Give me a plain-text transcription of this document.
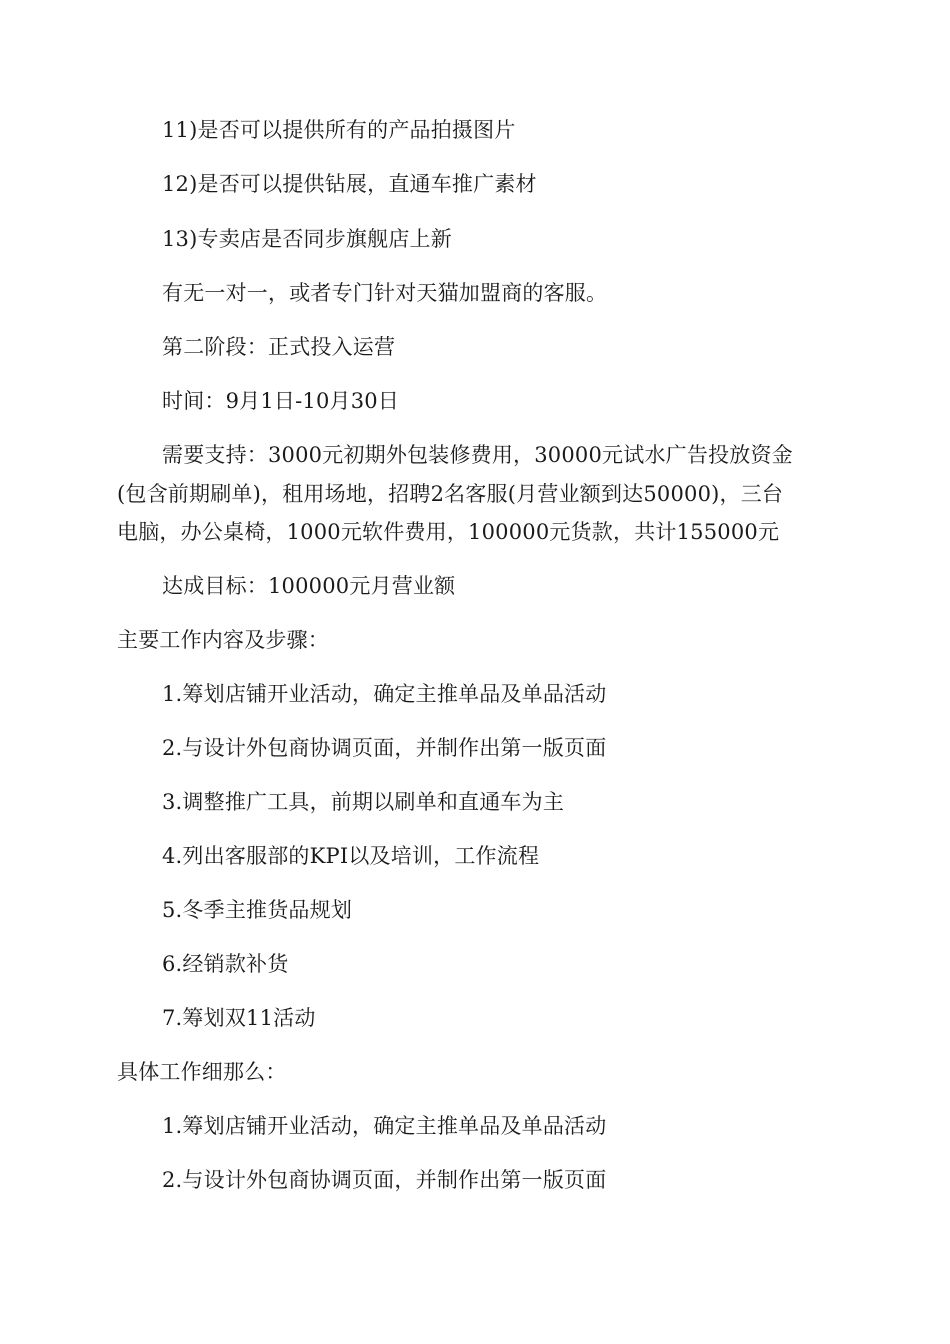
11)是否可以提供所有的产品拍摄图片
12)是否可以提供钻展，直通车推广素材
13)专卖店是否同步旗舰店上新
有无一对一，或者专门针对天猫加盟商的客服。
第二阶段：正式投入运营
时间：9月1日-10月30日
需要支持：3000元初期外包装修费用，30000元试水广告投放资金
(包含前期刷单)，租用场地，招聘2名客服(月营业额到达50000)，三台
电脑，办公桌椅，1000元软件费用，100000元货款，共计155000元
达成目标：100000元月营业额
主要工作内容及步骤：
1.筹划店铺开业活动，确定主推单品及单品活动
2.与设计外包商协调页面，并制作出第一版页面
3.调整推广工具，前期以刷单和直通车为主
4.列出客服部的KPI以及培训，工作流程
5.冬季主推货品规划
6.经销款补货
7.筹划双11活动
具体工作细那么：
1.筹划店铺开业活动，确定主推单品及单品活动
2.与设计外包商协调页面，并制作出第一版页面
